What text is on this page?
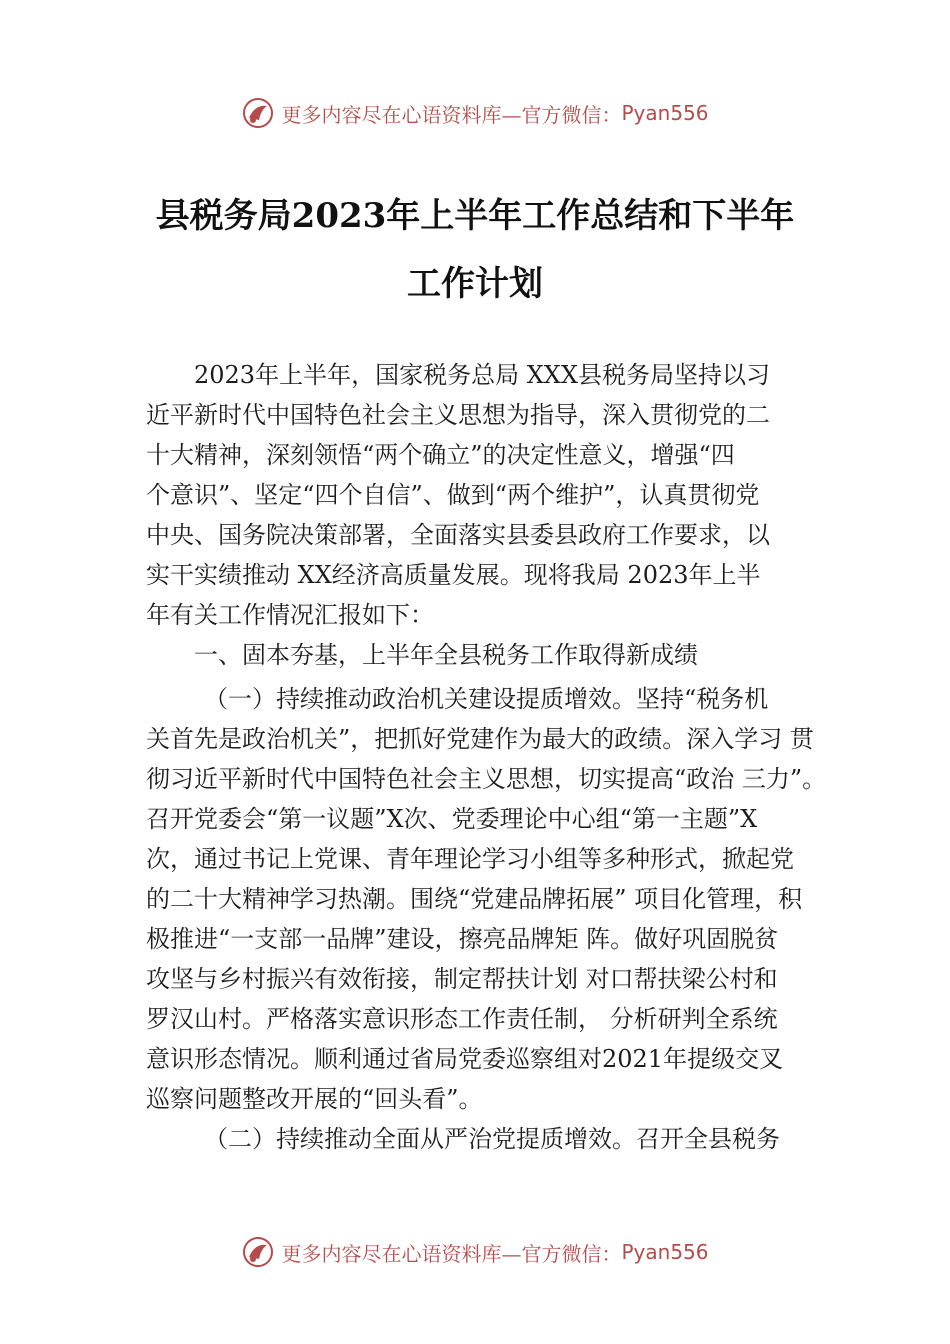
更多内容尽在心语资料库—官方微信： Pyan556
县税务局2023年上半年工作总结和下半年
工作计划
2023年上半年，国家税务总局 XXX县税务局坚持以习
近平新时代中国特色社会主义思想为指导，深入贯彻党的二
十大精神，深刻领悟“两个确立”的决定性意义，增强“四
个意识”、坚定“四个自信”、做到“两个维护”，认真贯彻党
中央、国务院决策部署，全面落实县委县政府工作要求，以
实干实绩推动 XX经济高质量发展。现将我局 2023年上半
年有关工作情况汇报如下：
一、固本夯基，上半年全县税务工作取得新成绩
（一）持续推动政治机关建设提质增效。坚持“税务机
关首先是政治机关”，把抓好党建作为最大的政绩。深入学习 贯
彻习近平新时代中国特色社会主义思想，切实提高“政治 三力”。
召开党委会“第一议题”X次、党委理论中心组“第一主题”X
次，通过书记上党课、青年理论学习小组等多种形式，掀起党
的二十大精神学习热潮。围绕“党建品牌拓展” 项目化管理，积
极推进“一支部一品牌”建设，擦亮品牌矩 阵。做好巩固脱贫
攻坚与乡村振兴有效衔接，制定帮扶计划 对口帮扶梁公村和
罗汉山村。严格落实意识形态工作责任制， 分析研判全系统
意识形态情况。顺利通过省局党委巡察组对2021年提级交叉
巡察问题整改开展的“回头看”。
（二）持续推动全面从严治党提质增效。召开全县税务
更多内容尽在心语资料库—官方微信： Pyan556
